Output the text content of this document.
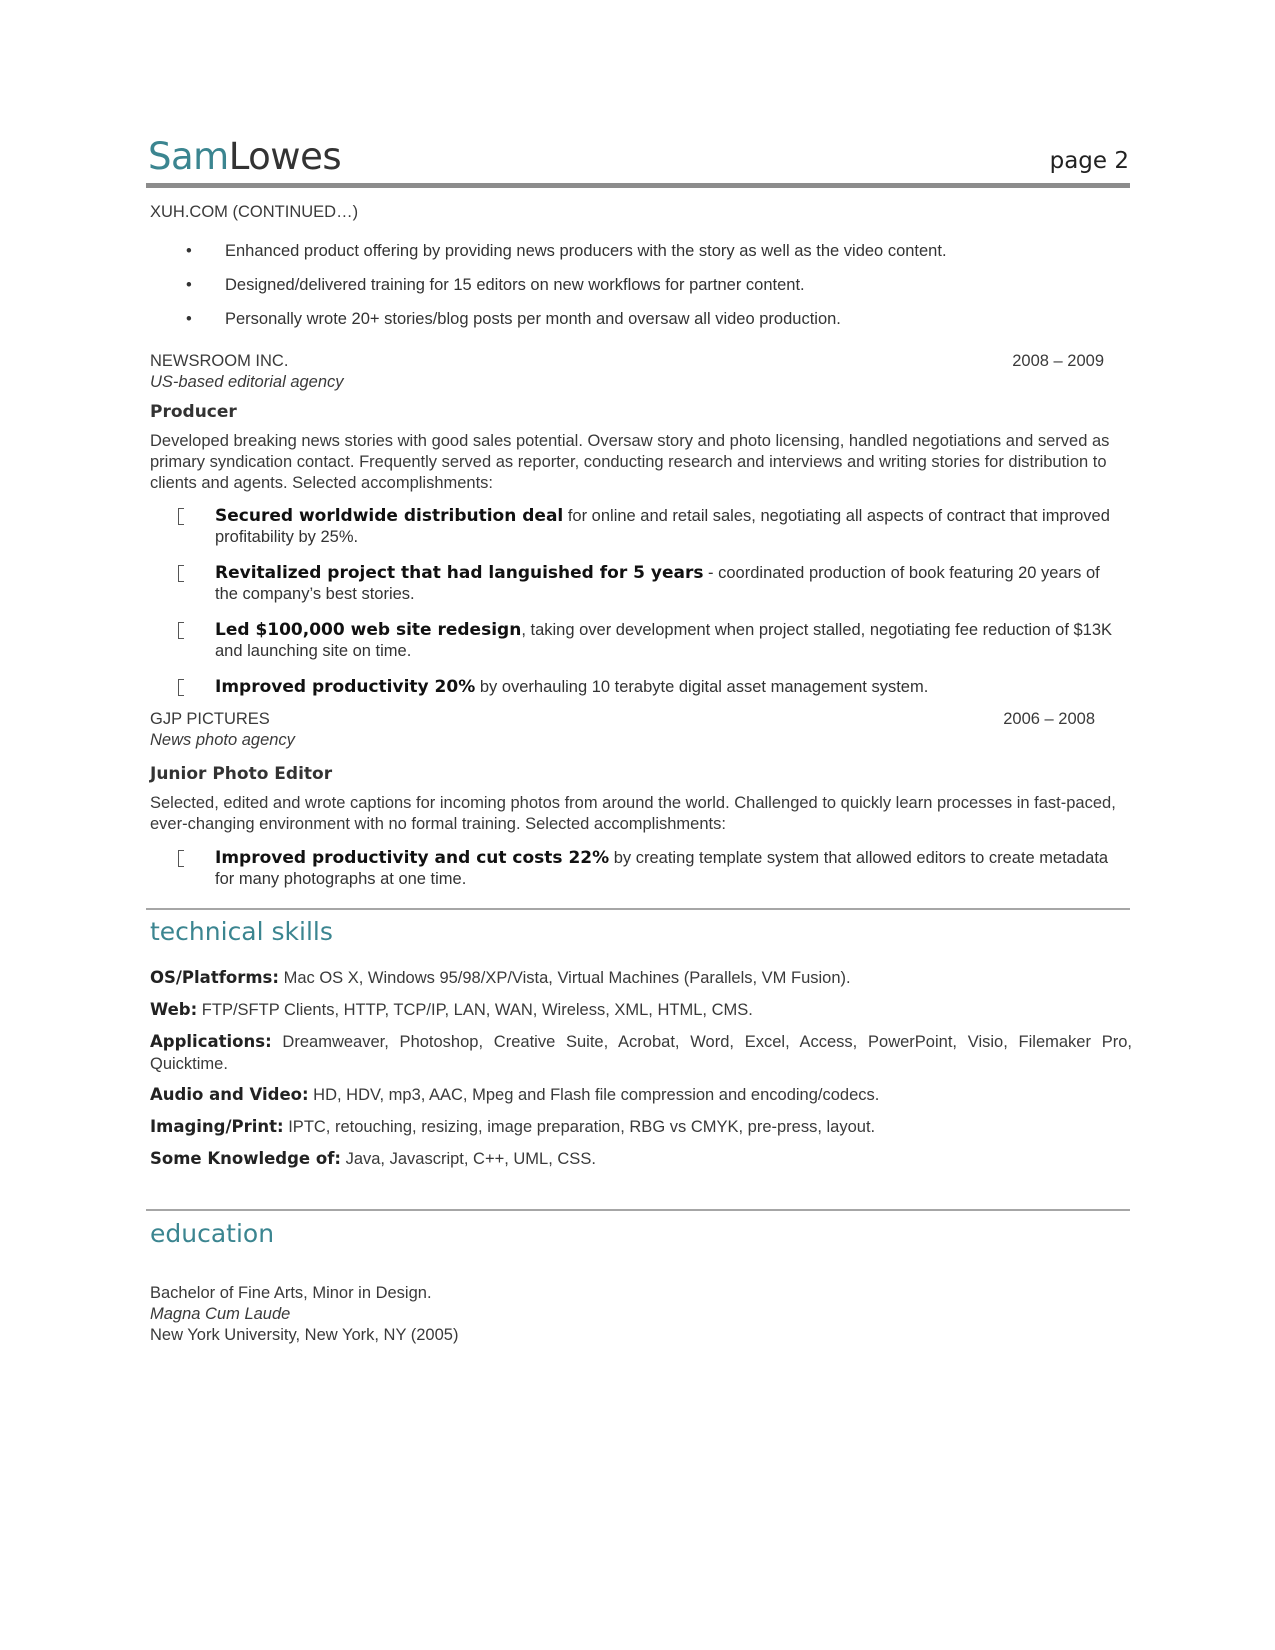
SamLowes	page 2
XUH.COM (CONTINUED…)
• Enhanced product offering by providing news producers with the story as well as the video content.
• Designed/delivered training for 15 editors on new workflows for partner content.
• Personally wrote 20+ stories/blog posts per month and oversaw all video production.
NEWSROOM INC.	2008 – 2009
US-based editorial agency
Producer
Developed breaking news stories with good sales potential. Oversaw story and photo licensing, handled negotiations and served as primary syndication contact. Frequently served as reporter, conducting research and interviews and writing stories for distribution to clients and agents. Selected accomplishments:
Secured worldwide distribution deal for online and retail sales, negotiating all aspects of contract that improved profitability by 25%.
Revitalized project that had languished for 5 years - coordinated production of book featuring 20 years of the company’s best stories.
Led $100,000 web site redesign, taking over development when project stalled, negotiating fee reduction of $13K and launching site on time.
Improved productivity 20% by overhauling 10 terabyte digital asset management system.
GJP PICTURES	2006 – 2008
News photo agency
Junior Photo Editor
Selected, edited and wrote captions for incoming photos from around the world. Challenged to quickly learn processes in fast-paced, ever-changing environment with no formal training. Selected accomplishments:
Improved productivity and cut costs 22% by creating template system that allowed editors to create metadata for many photographs at one time.
technical skills
OS/Platforms: Mac OS X, Windows 95/98/XP/Vista, Virtual Machines (Parallels, VM Fusion).
Web: FTP/SFTP Clients, HTTP, TCP/IP, LAN, WAN, Wireless, XML, HTML, CMS.
Applications: Dreamweaver, Photoshop, Creative Suite, Acrobat, Word, Excel, Access, PowerPoint, Visio, Filemaker Pro, Quicktime.
Audio and Video: HD, HDV, mp3, AAC, Mpeg and Flash file compression and encoding/codecs.
Imaging/Print: IPTC, retouching, resizing, image preparation, RBG vs CMYK, pre-press, layout.
Some Knowledge of: Java, Javascript, C++, UML, CSS.
education
Bachelor of Fine Arts, Minor in Design.
Magna Cum Laude
New York University, New York, NY (2005)
